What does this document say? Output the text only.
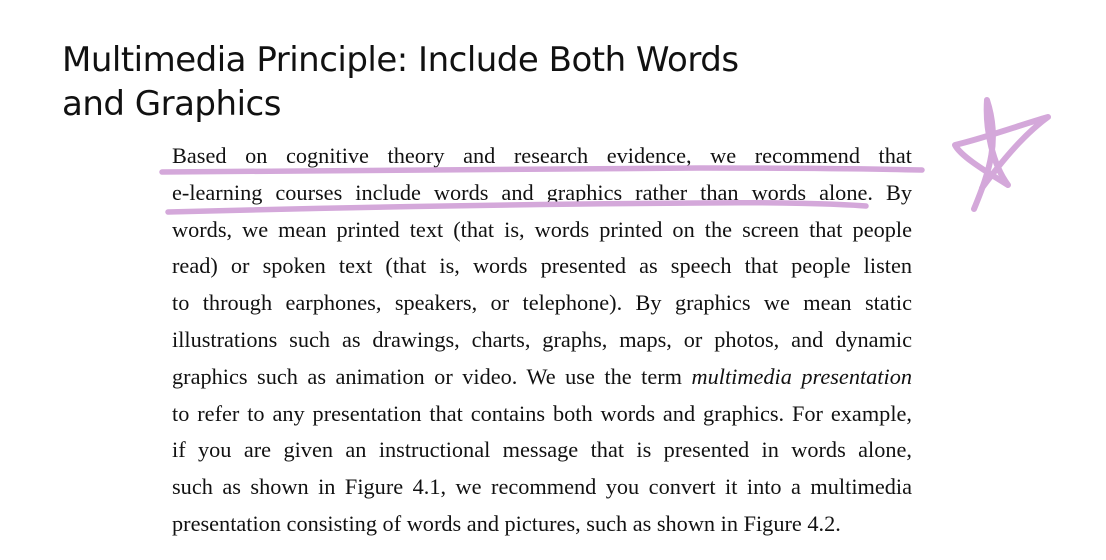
Multimedia Principle: Include Both Words
and Graphics
Based on cognitive theory and research evidence, we recommend that
e-learning courses include words and graphics rather than words alone. By
words, we mean printed text (that is, words printed on the screen that people
read) or spoken text (that is, words presented as speech that people listen
to through earphones, speakers, or telephone). By graphics we mean static
illustrations such as drawings, charts, graphs, maps, or photos, and dynamic
graphics such as animation or video. We use the term multimedia presentation
to refer to any presentation that contains both words and graphics. For example,
if you are given an instructional message that is presented in words alone,
such as shown in Figure 4.1, we recommend you convert it into a multimedia
presentation consisting of words and pictures, such as shown in Figure 4.2.
